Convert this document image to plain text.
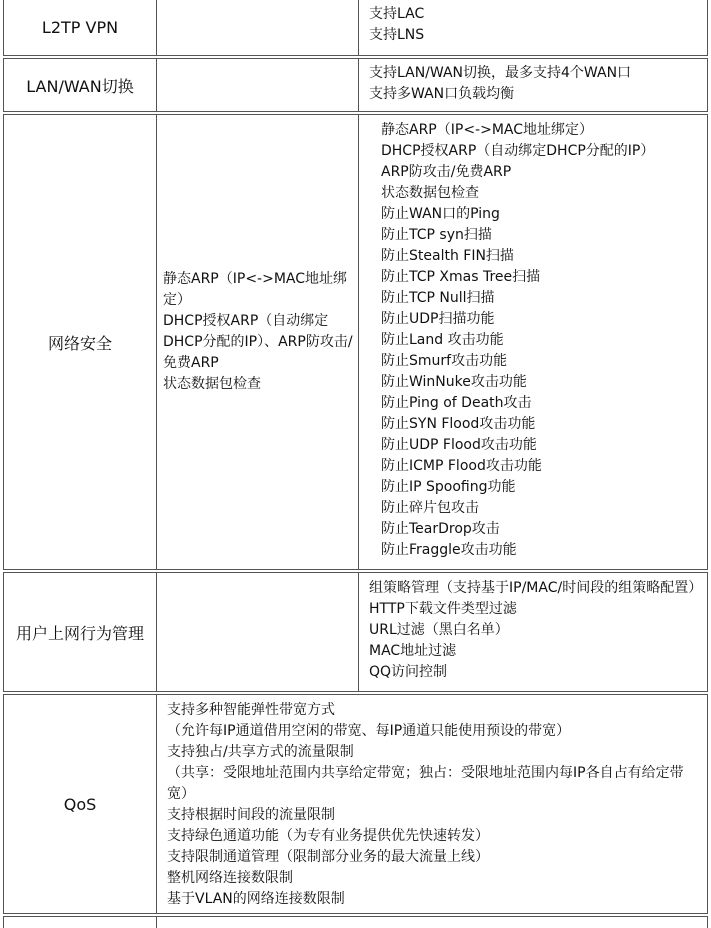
L2TP VPN
支持LAC
支持LNS
LAN/WAN切换
支持LAN/WAN切换，最多支持4个WAN口
支持多WAN口负载均衡
网络安全
静态ARP（IP<->MAC地址绑定）
DHCP授权ARP（自动绑定DHCP分配的IP）、ARP防攻击/免费ARP
状态数据包检查
静态ARP（IP<->MAC地址绑定）
DHCP授权ARP（自动绑定DHCP分配的IP）
ARP防攻击/免费ARP
状态数据包检查
防止WAN口的Ping
防止TCP syn扫描
防止Stealth FIN扫描
防止TCP Xmas Tree扫描
防止TCP Null扫描
防止UDP扫描功能
防止Land 攻击功能
防止Smurf攻击功能
防止WinNuke攻击功能
防止Ping of Death攻击
防止SYN Flood攻击功能
防止UDP Flood攻击功能
防止ICMP Flood攻击功能
防止IP Spoofing功能
防止碎片包攻击
防止TearDrop攻击
防止Fraggle攻击功能
用户上网行为管理
组策略管理（支持基于IP/MAC/时间段的组策略配置）
HTTP下载文件类型过滤
URL过滤（黑白名单）
MAC地址过滤
QQ访问控制
QoS
支持多种智能弹性带宽方式
（允许每IP通道借用空闲的带宽、每IP通道只能使用预设的带宽）
支持独占/共享方式的流量限制
（共享：受限地址范围内共享给定带宽；独占：受限地址范围内每IP各自占有给定带宽）
支持根据时间段的流量限制
支持绿色通道功能（为专有业务提供优先快速转发）
支持限制通道管理（限制部分业务的最大流量上线）
整机网络连接数限制
基于VLAN的网络连接数限制
